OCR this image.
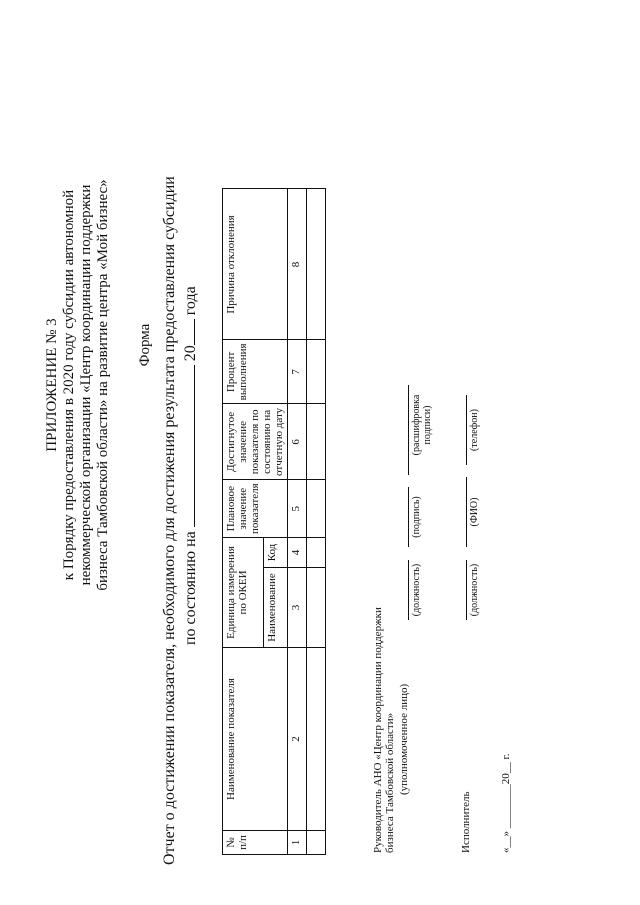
ПРИЛОЖЕНИЕ № 3 к Порядку предоставления в 2020 году субсидии автономной некоммерческой организации «Центр координации поддержки бизнеса Тамбовской области» на развитие центра «Мой бизнес» Форма Отчет о достижении показателя, необходимого для достижения результата предоставления субсидии по состоянию на  20 года
№ п/п	Наименование показателя	Единица измерения по ОКЕИ		Плановое значение показателя	Достигнутое значение показателя по состоянию на отчетную дату	Процент выполнения	Причина отклонения
		Наименование	Код				
1	2	3	4	5	6	7	8

Руководитель АНО «Центр координации поддержки бизнеса Тамбовской области» (уполномоченное лицо)
(должность)
(подпись)
(расшифровка подписи)
Исполнитель
(должность)
(ФИО)
(телефон)
«__» ________20__ г.
